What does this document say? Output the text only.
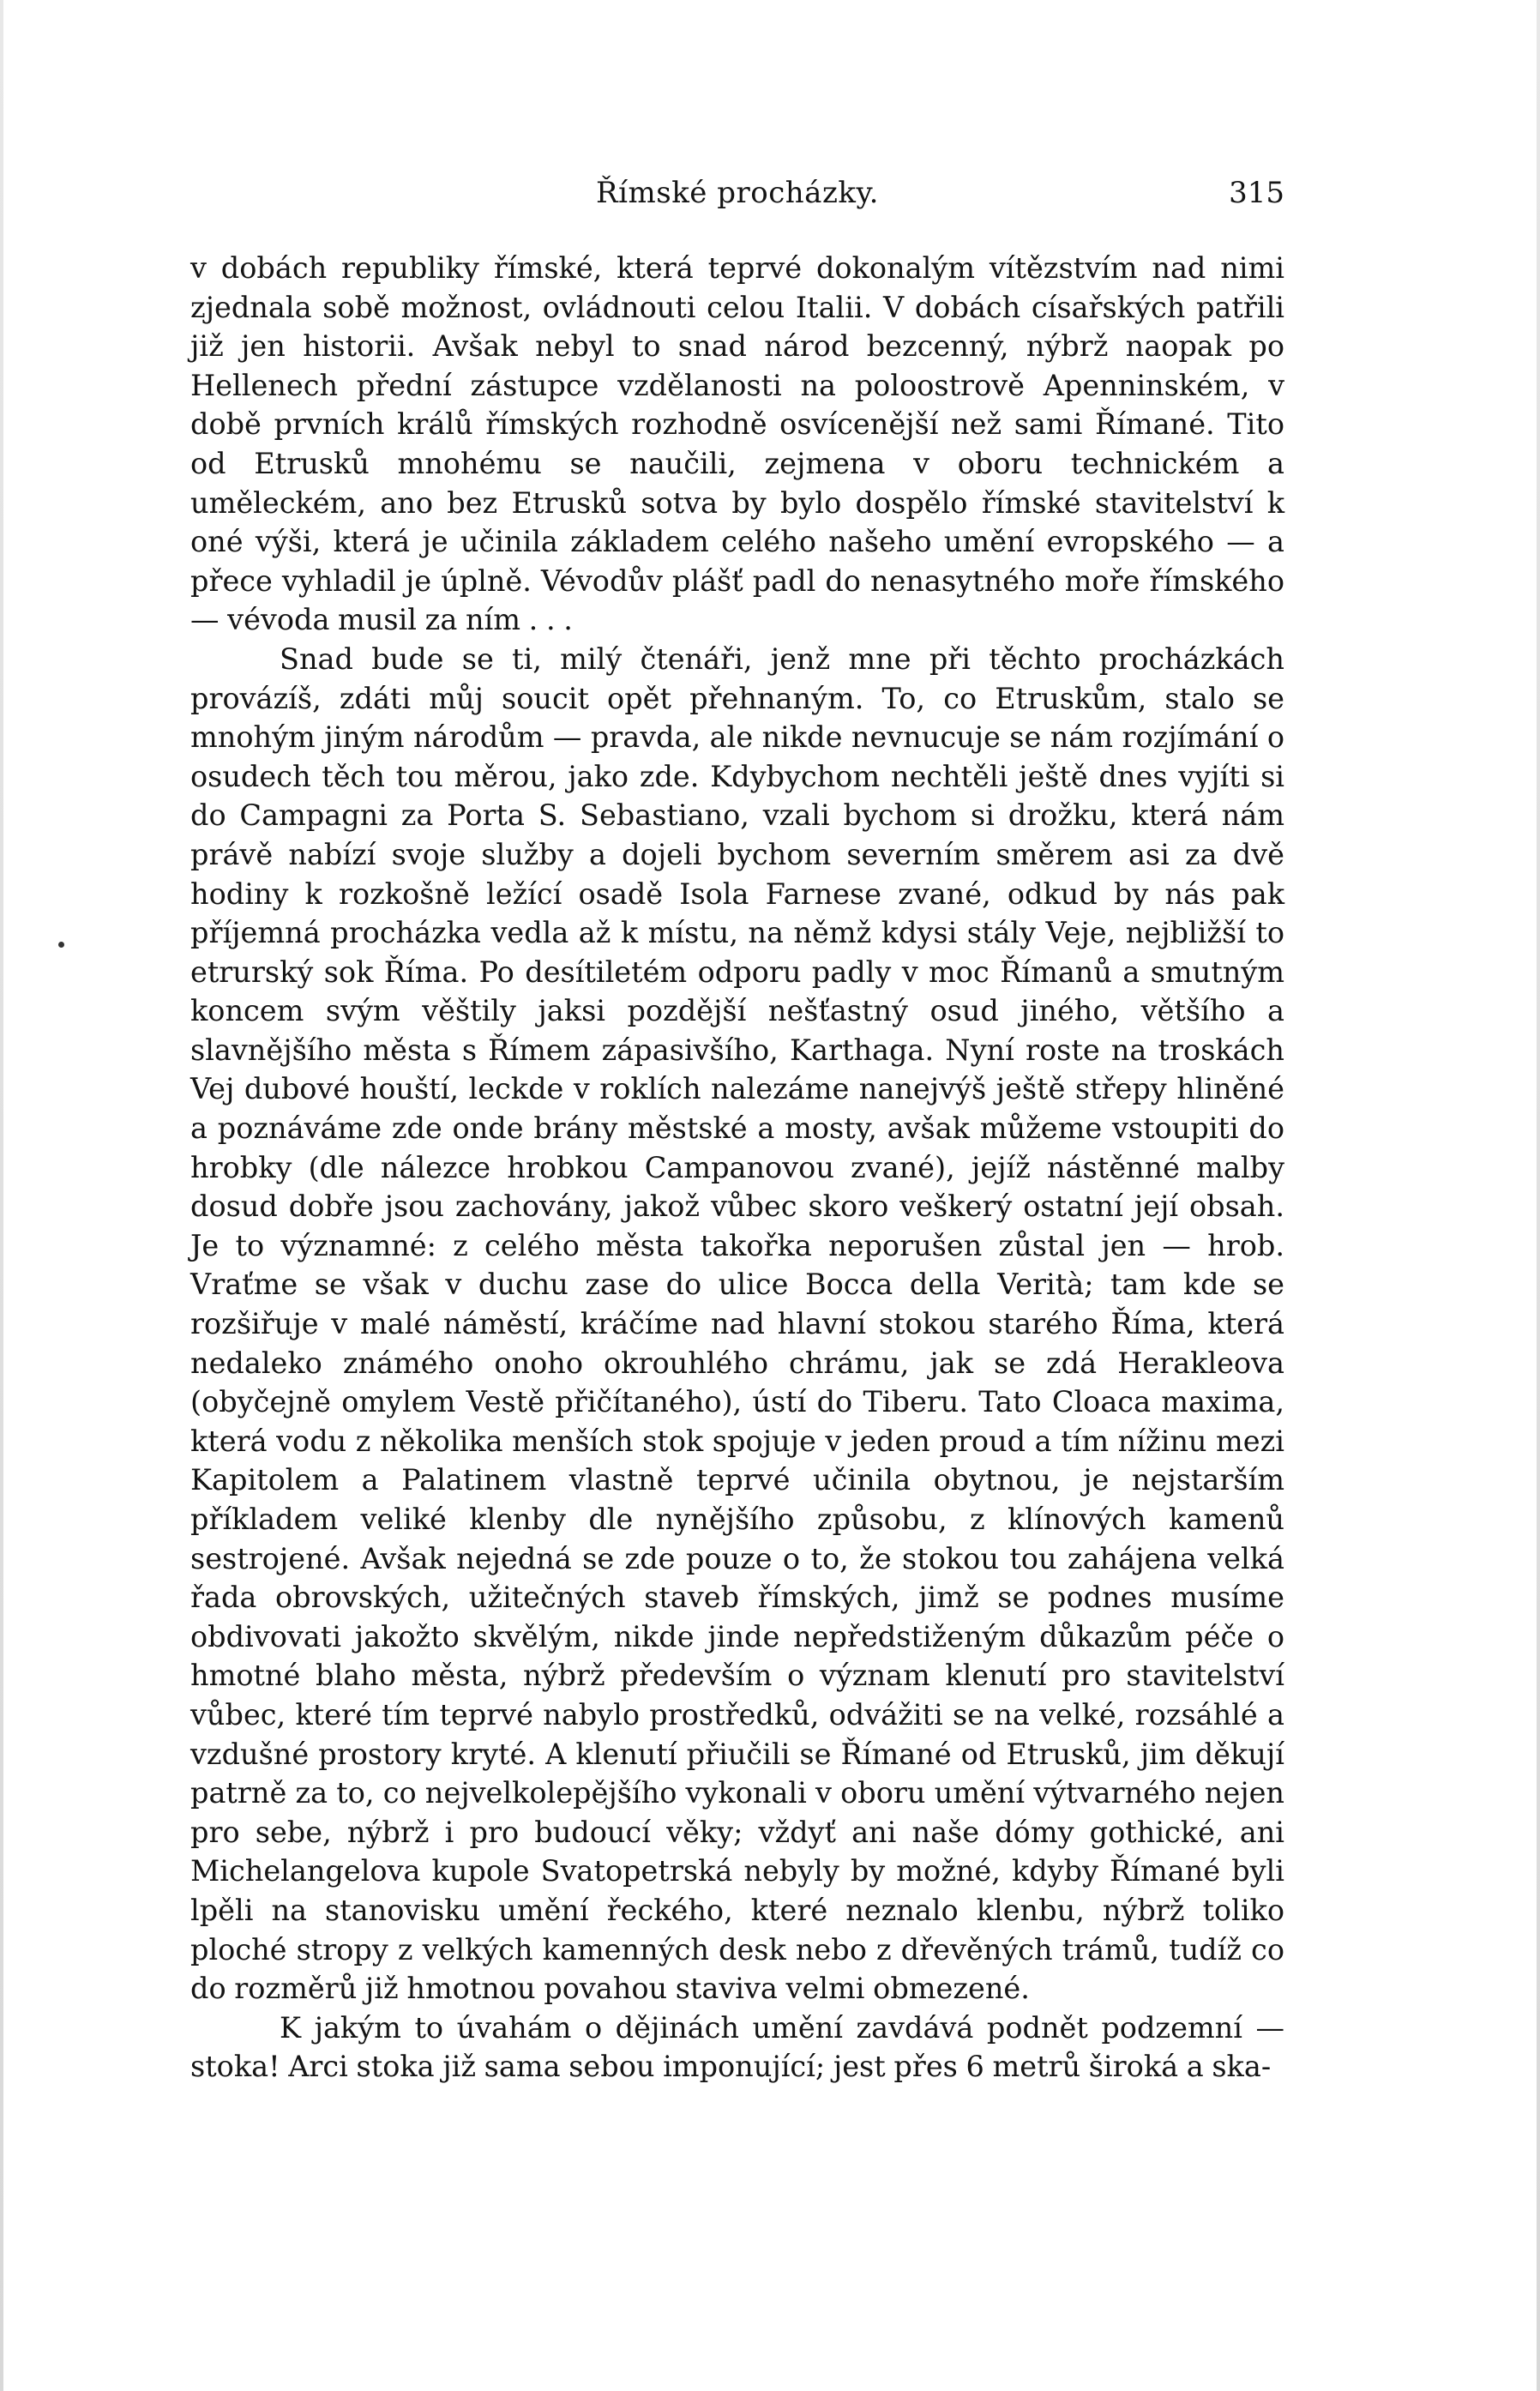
Římské procházky.	315

v dobách republiky římské, která teprvé dokonalým vítězstvím nad nimi zjednala sobě možnost, ovládnouti celou Italii. V dobách císařských patřili již jen historii. Avšak nebyl to snad národ bezcenný, nýbrž naopak po Hellenech přední zástupce vzdělanosti na poloostrově Apenninském, v době prvních králů římských rozhodně osvícenější než sami Římané. Tito od Etrusků mnohému se naučili, zejmena v oboru technickém a uměleckém, ano bez Etrusků sotva by bylo dospělo římské stavitelství k oné výši, která je učinila základem celého našeho umění evropského — a přece vyhladil je úplně. Vévodův plášť padl do nenasytného moře římského — vévoda musil za ním . . .

Snad bude se ti, milý čtenáři, jenž mne při těchto procházkách provázíš, zdáti můj soucit opět přehnaným. To, co Etruskům, stalo se mnohým jiným národům — pravda, ale nikde nevnucuje se nám rozjímání o osudech těch tou měrou, jako zde. Kdybychom nechtěli ještě dnes vyjíti si do Campagni za Porta S. Sebastiano, vzali bychom si drožku, která nám právě nabízí svoje služby a dojeli bychom severním směrem asi za dvě hodiny k rozkošně ležící osadě Isola Farnese zvané, odkud by nás pak příjemná procházka vedla až k místu, na němž kdysi stály Veje, nejbližší to etrurský sok Říma. Po desítiletém odporu padly v moc Římanů a smutným koncem svým věštily jaksi pozdější nešťastný osud jiného, většího a slavnějšího města s Římem zápasivšího, Karthaga. Nyní roste na troskách Vej dubové houští, leckde v roklích nalezáme nanejvýš ještě střepy hliněné a poznáváme zde onde brány městské a mosty, avšak můžeme vstoupiti do hrobky (dle nálezce hrobkou Campanovou zvané), jejíž nástěnné malby dosud dobře jsou zachovány, jakož vůbec skoro veškerý ostatní její obsah. Je to významné: z celého města takořka neporušen zůstal jen — hrob. Vraťme se však v duchu zase do ulice Bocca della Verità; tam kde se rozšiřuje v malé náměstí, kráčíme nad hlavní stokou starého Říma, která nedaleko známého onoho okrouhlého chrámu, jak se zdá Herakleova (obyčejně omylem Vestě přičítaného), ústí do Tiberu. Tato Cloaca maxima, která vodu z několika menších stok spojuje v jeden proud a tím nížinu mezi Kapitolem a Palatinem vlastně teprvé učinila obytnou, je nejstarším příkladem veliké klenby dle nynějšího způsobu, z klínových kamenů sestrojené. Avšak nejedná se zde pouze o to, že stokou tou zahájena velká řada obrovských, užitečných staveb římských, jimž se podnes musíme obdivovati jakožto skvělým, nikde jinde nepředstiženým důkazům péče o hmotné blaho města, nýbrž především o význam klenutí pro stavitelství vůbec, které tím teprvé nabylo prostředků, odvážiti se na velké, rozsáhlé a vzdušné prostory kryté. A klenutí přiučili se Římané od Etrusků, jim děkují patrně za to, co nejvelkolepějšího vykonali v oboru umění výtvarného nejen pro sebe, nýbrž i pro budoucí věky; vždyť ani naše dómy gothické, ani Michelangelova kupole Svatopetrská nebyly by možné, kdyby Římané byli lpěli na stanovisku umění řeckého, které neznalo klenbu, nýbrž toliko ploché stropy z velkých kamenných desk nebo z dřevěných trámů, tudíž co do rozměrů již hmotnou povahou staviva velmi obmezené.

K jakým to úvahám o dějinách umění zavdává podnět podzemní — stoka! Arci stoka již sama sebou imponující; jest přes 6 metrů široká a ska-
